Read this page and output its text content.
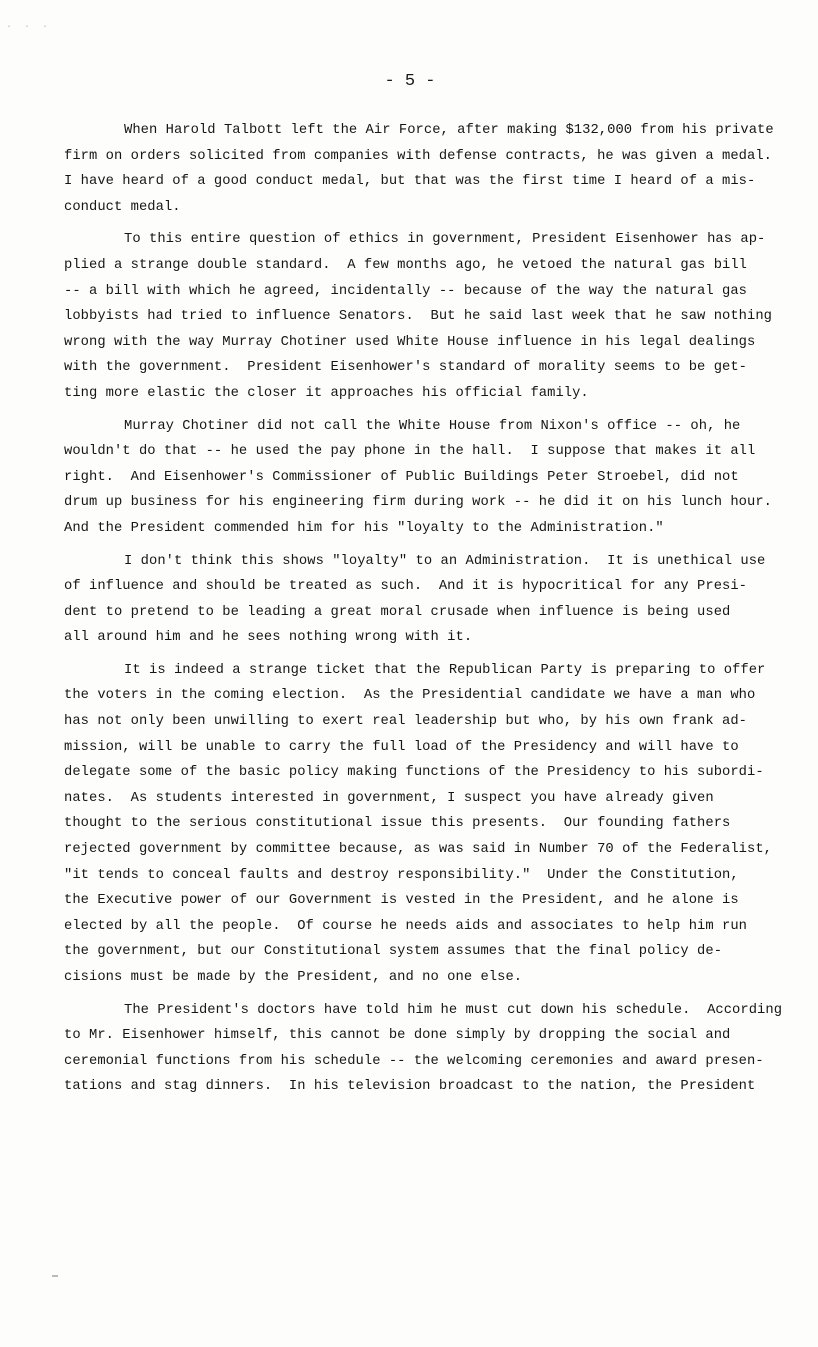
· · ·
- 5 -
When Harold Talbott left the Air Force, after making $132,000 from his private
firm on orders solicited from companies with defense contracts, he was given a medal.
I have heard of a good conduct medal, but that was the first time I heard of a mis-
conduct medal.
To this entire question of ethics in government, President Eisenhower has ap-
plied a strange double standard.  A few months ago, he vetoed the natural gas bill
-- a bill with which he agreed, incidentally -- because of the way the natural gas
lobbyists had tried to influence Senators.  But he said last week that he saw nothing
wrong with the way Murray Chotiner used White House influence in his legal dealings
with the government.  President Eisenhower's standard of morality seems to be get-
ting more elastic the closer it approaches his official family.
Murray Chotiner did not call the White House from Nixon's office -- oh, he
wouldn't do that -- he used the pay phone in the hall.  I suppose that makes it all
right.  And Eisenhower's Commissioner of Public Buildings Peter Stroebel, did not
drum up business for his engineering firm during work -- he did it on his lunch hour.
And the President commended him for his "loyalty to the Administration."
I don't think this shows "loyalty" to an Administration.  It is unethical use
of influence and should be treated as such.  And it is hypocritical for any Presi-
dent to pretend to be leading a great moral crusade when influence is being used
all around him and he sees nothing wrong with it.
It is indeed a strange ticket that the Republican Party is preparing to offer
the voters in the coming election.  As the Presidential candidate we have a man who
has not only been unwilling to exert real leadership but who, by his own frank ad-
mission, will be unable to carry the full load of the Presidency and will have to
delegate some of the basic policy making functions of the Presidency to his subordi-
nates.  As students interested in government, I suspect you have already given
thought to the serious constitutional issue this presents.  Our founding fathers
rejected government by committee because, as was said in Number 70 of the Federalist,
"it tends to conceal faults and destroy responsibility."  Under the Constitution,
the Executive power of our Government is vested in the President, and he alone is
elected by all the people.  Of course he needs aids and associates to help him run
the government, but our Constitutional system assumes that the final policy de-
cisions must be made by the President, and no one else.
The President's doctors have told him he must cut down his schedule.  According
to Mr. Eisenhower himself, this cannot be done simply by dropping the social and
ceremonial functions from his schedule -- the welcoming ceremonies and award presen-
tations and stag dinners.  In his television broadcast to the nation, the President
